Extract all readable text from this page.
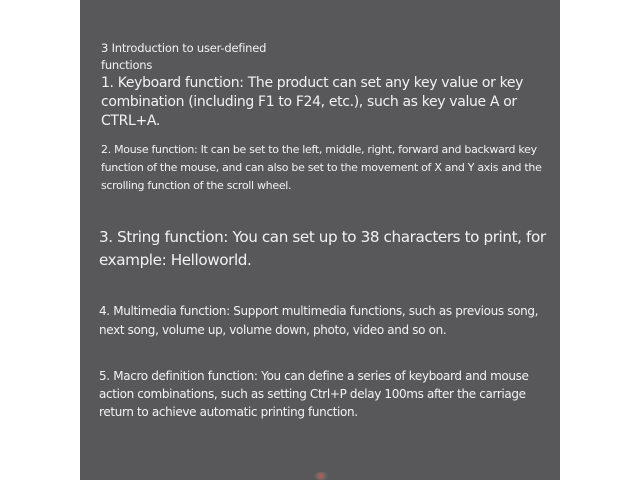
3 Introduction to user-defined functions

1. Keyboard function: The product can set any key value or key combination (including F1 to F24, etc.), such as key value A or CTRL+A.

2. Mouse function: It can be set to the left, middle, right, forward and backward key function of the mouse, and can also be set to the movement of X and Y axis and the scrolling function of the scroll wheel.

3. String function: You can set up to 38 characters to print, for example: Helloworld.

4. Multimedia function: Support multimedia functions, such as previous song, next song, volume up, volume down, photo, video and so on.

5. Macro definition function: You can define a series of keyboard and mouse action combinations, such as setting Ctrl+P delay 100ms after the carriage return to achieve automatic printing function.
